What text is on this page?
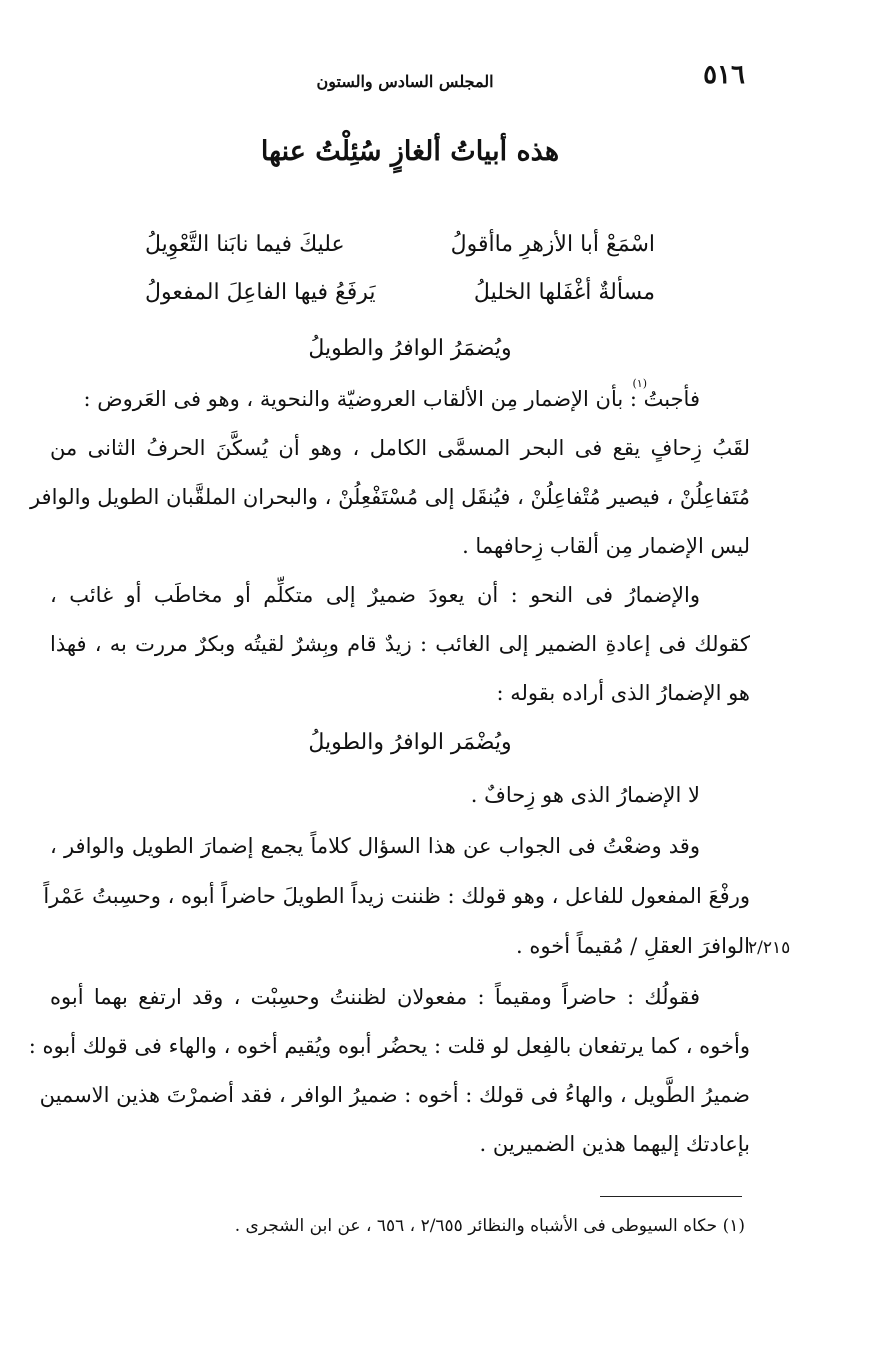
المجلس السادس والستون	٥١٦
هذه أبياتُ ألغازٍ سُئِلْتُ عنها
اسْمَعْ أبا الأزهرِ ماأقولُ
عليكَ فيما نابَنا التَّعْوِيلُ
مسألةٌ أغْفَلها الخليلُ
يَرفَعُ فيها الفاعِلَ المفعولُ
ويُضمَرُ الوافرُ والطويلُ
(١)
فأجبتُ : بأن الإضمار مِن الألقاب العروضيّة والنحوية ، وهو فى العَروض :
لقَبُ زِحافٍ يقع فى البحر المسمَّى الكامل ، وهو أن يُسكَّنَ الحرفُ الثانى من
مُتَفاعِلُنْ ، فيصير مُتْفاعِلُنْ ، فيُنقَل إلى مُسْتَفْعِلُنْ ، والبحران الملقَّبان الطويل والوافر
ليس الإضمار مِن ألقاب زِحافهما .
والإضمارُ فى النحو : أن يعودَ ضميرٌ إلى متكلِّم أو مخاطَب أو غائب ،
كقولك فى إعادةِ الضمير إلى الغائب : زيدٌ قام وبِشرٌ لقيتُه وبكرٌ مررت به ، فهذا
هو الإضمارُ الذى أراده بقوله :
ويُضْمَر الوافرُ والطويلُ
لا الإضمارُ الذى هو زِحافٌ .
وقد وضعْتُ فى الجواب عن هذا السؤال كلاماً يجمع إضمارَ الطويل والوافر ،
ورفْعَ المفعول للفاعل ، وهو قولك : ظننت زيداً الطويلَ حاضراً أبوه ، وحسِبتُ عَمْراً
الوافرَ العقلِ / مُقيماً أخوه .
٢/٢١٥
فقولُك : حاضراً ومقيماً : مفعولان لظننتُ وحسِبْت ، وقد ارتفع بهما أبوه
وأخوه ، كما يرتفعان بالفِعل لو قلت : يحضُر أبوه ويُقيم أخوه ، والهاء فى قولك أبوه :
ضميرُ الطَّويل ، والهاءُ فى قولك : أخوه : ضميرُ الوافر ، فقد أضمرْتَ هذين الاسمين
بإعادتك إليهما هذين الضميرين .
(١) حكاه السيوطى فى الأشباه والنظائر ٢/٦٥٥ ، ٦٥٦ ، عن ابن الشجرى .
